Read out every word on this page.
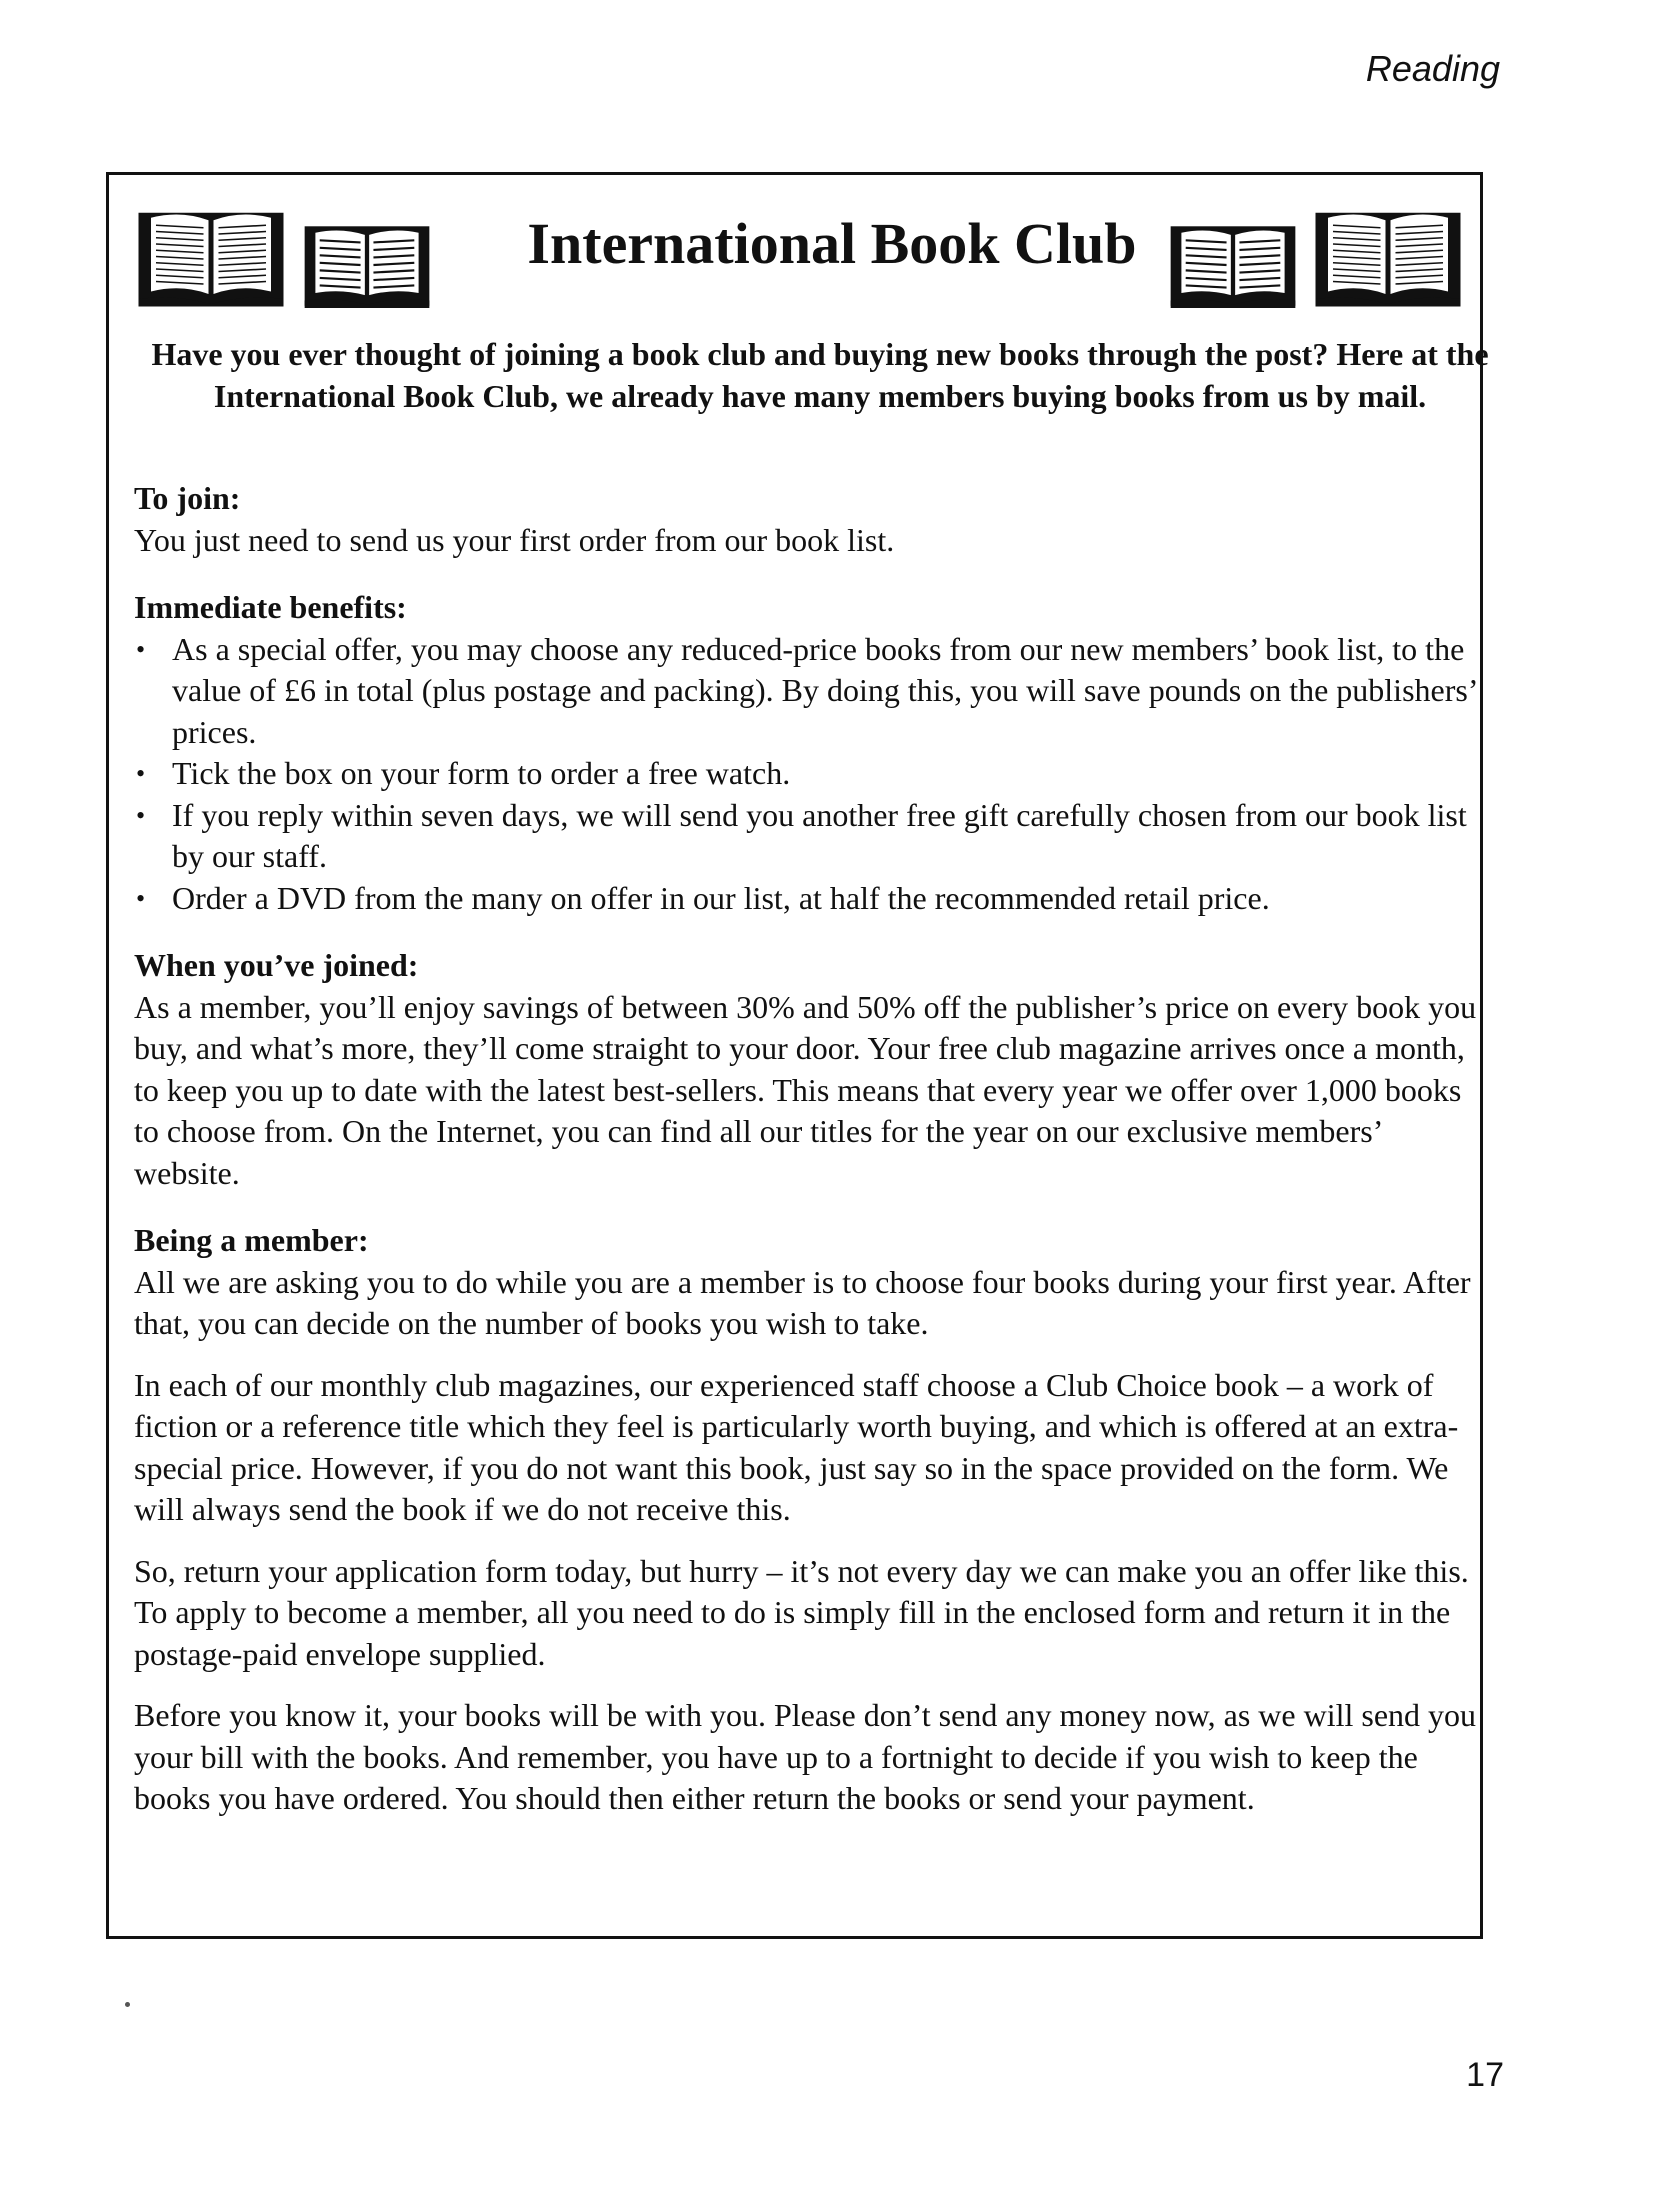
Reading
International Book Club

Have you ever thought of joining a book club and buying new books through the post? Here at the International Book Club, we already have many members buying books from us by mail.

To join:

You just need to send us your first order from our book list.

Immediate benefits:

• As a special offer, you may choose any reduced-price books from our new members’ book list, to the value of £6 in total (plus postage and packing). By doing this, you will save pounds on the publishers’ prices.
• Tick the box on your form to order a free watch.
• If you reply within seven days, we will send you another free gift carefully chosen from our book list by our staff.
• Order a DVD from the many on offer in our list, at half the recommended retail price.

When you’ve joined:

As a member, you’ll enjoy savings of between 30% and 50% off the publisher’s price on every book you buy, and what’s more, they’ll come straight to your door. Your free club magazine arrives once a month, to keep you up to date with the latest best-sellers. This means that every year we offer over 1,000 books to choose from. On the Internet, you can find all our titles for the year on our exclusive members’ website.

Being a member:

All we are asking you to do while you are a member is to choose four books during your first year. After that, you can decide on the number of books you wish to take.

In each of our monthly club magazines, our experienced staff choose a Club Choice book – a work of fiction or a reference title which they feel is particularly worth buying, and which is offered at an extra-special price. However, if you do not want this book, just say so in the space provided on the form. We will always send the book if we do not receive this.

So, return your application form today, but hurry – it’s not every day we can make you an offer like this. To apply to become a member, all you need to do is simply fill in the enclosed form and return it in the postage-paid envelope supplied.

Before you know it, your books will be with you. Please don’t send any money now, as we will send you your bill with the books. And remember, you have up to a fortnight to decide if you wish to keep the books you have ordered. You should then either return the books or send your payment.

17
